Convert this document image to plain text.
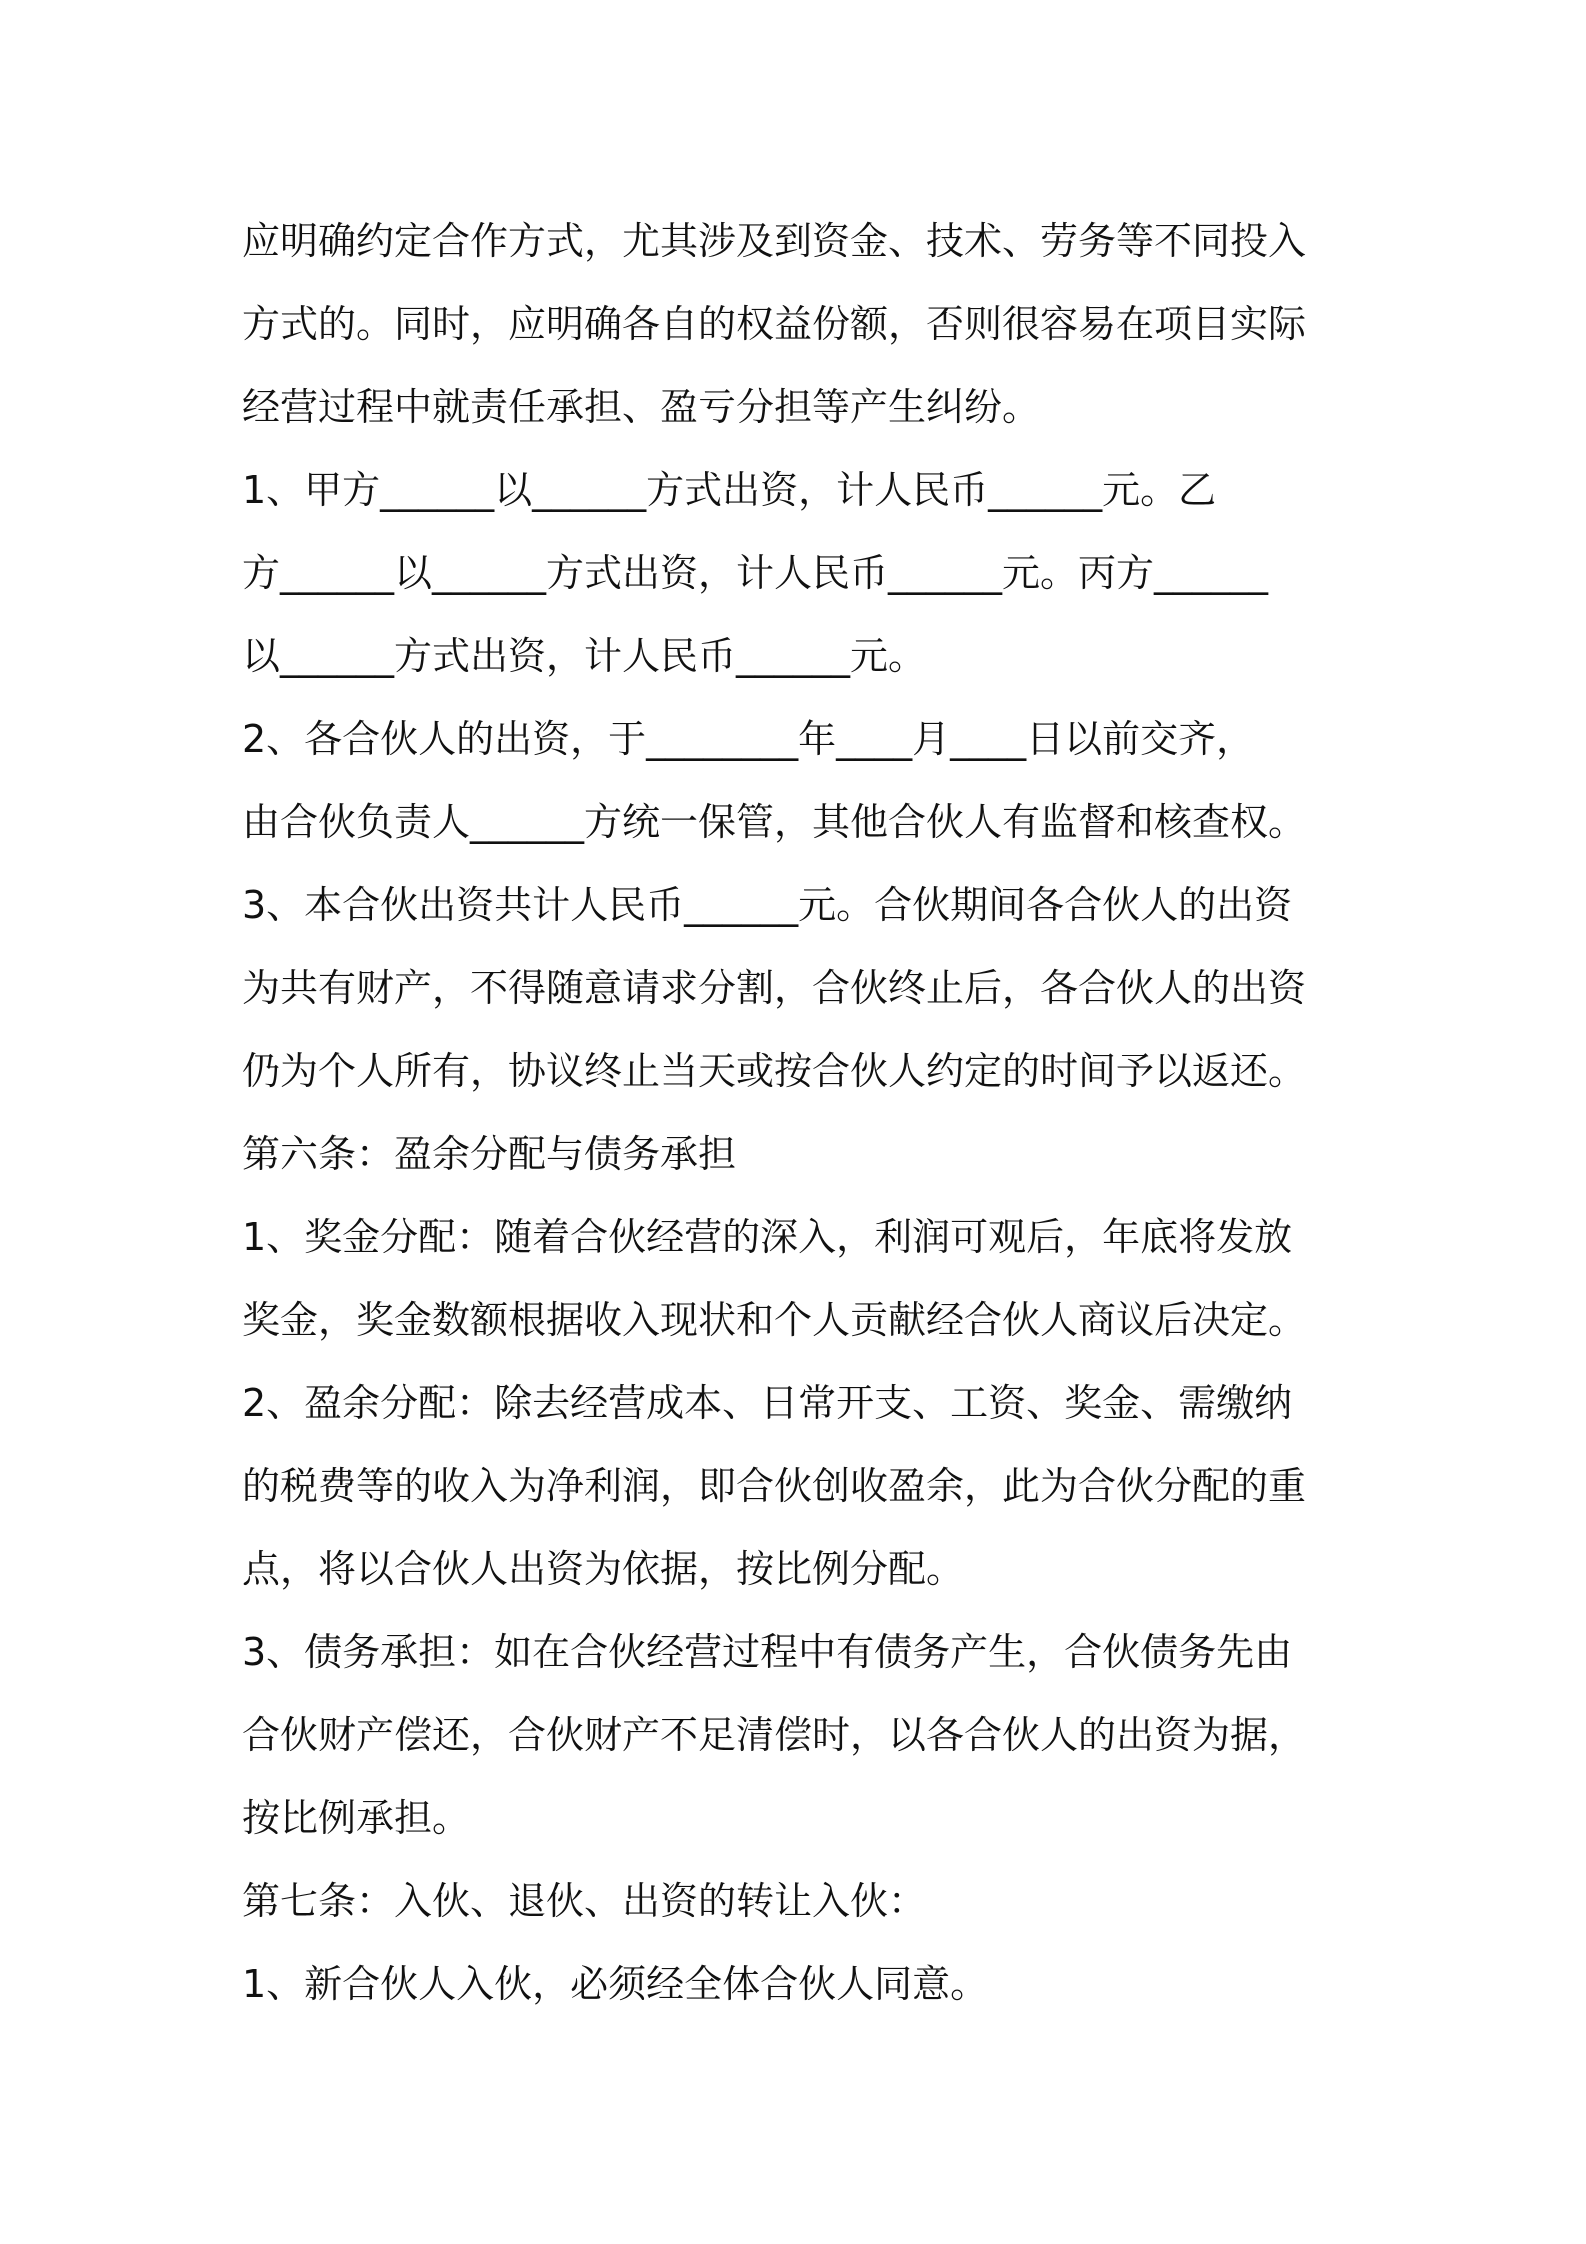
应明确约定合作方式，尤其涉及到资金、技术、劳务等不同投入
方式的。同时，应明确各自的权益份额，否则很容易在项目实际
经营过程中就责任承担、盈亏分担等产生纠纷。
1、甲方______以______方式出资，计人民币______元。乙
方______以______方式出资，计人民币______元。丙方______
以______方式出资，计人民币______元。
2、各合伙人的出资，于________年____月____日以前交齐，
由合伙负责人______方统一保管，其他合伙人有监督和核查权。
3、本合伙出资共计人民币______元。合伙期间各合伙人的出资
为共有财产，不得随意请求分割，合伙终止后，各合伙人的出资
仍为个人所有，协议终止当天或按合伙人约定的时间予以返还。
第六条：盈余分配与债务承担
1、奖金分配：随着合伙经营的深入，利润可观后，年底将发放
奖金，奖金数额根据收入现状和个人贡献经合伙人商议后决定。
2、盈余分配：除去经营成本、日常开支、工资、奖金、需缴纳
的税费等的收入为净利润，即合伙创收盈余，此为合伙分配的重
点，将以合伙人出资为依据，按比例分配。
3、债务承担：如在合伙经营过程中有债务产生，合伙债务先由
合伙财产偿还，合伙财产不足清偿时，以各合伙人的出资为据，
按比例承担。
第七条：入伙、退伙、出资的转让入伙：
1、新合伙人入伙，必须经全体合伙人同意。
